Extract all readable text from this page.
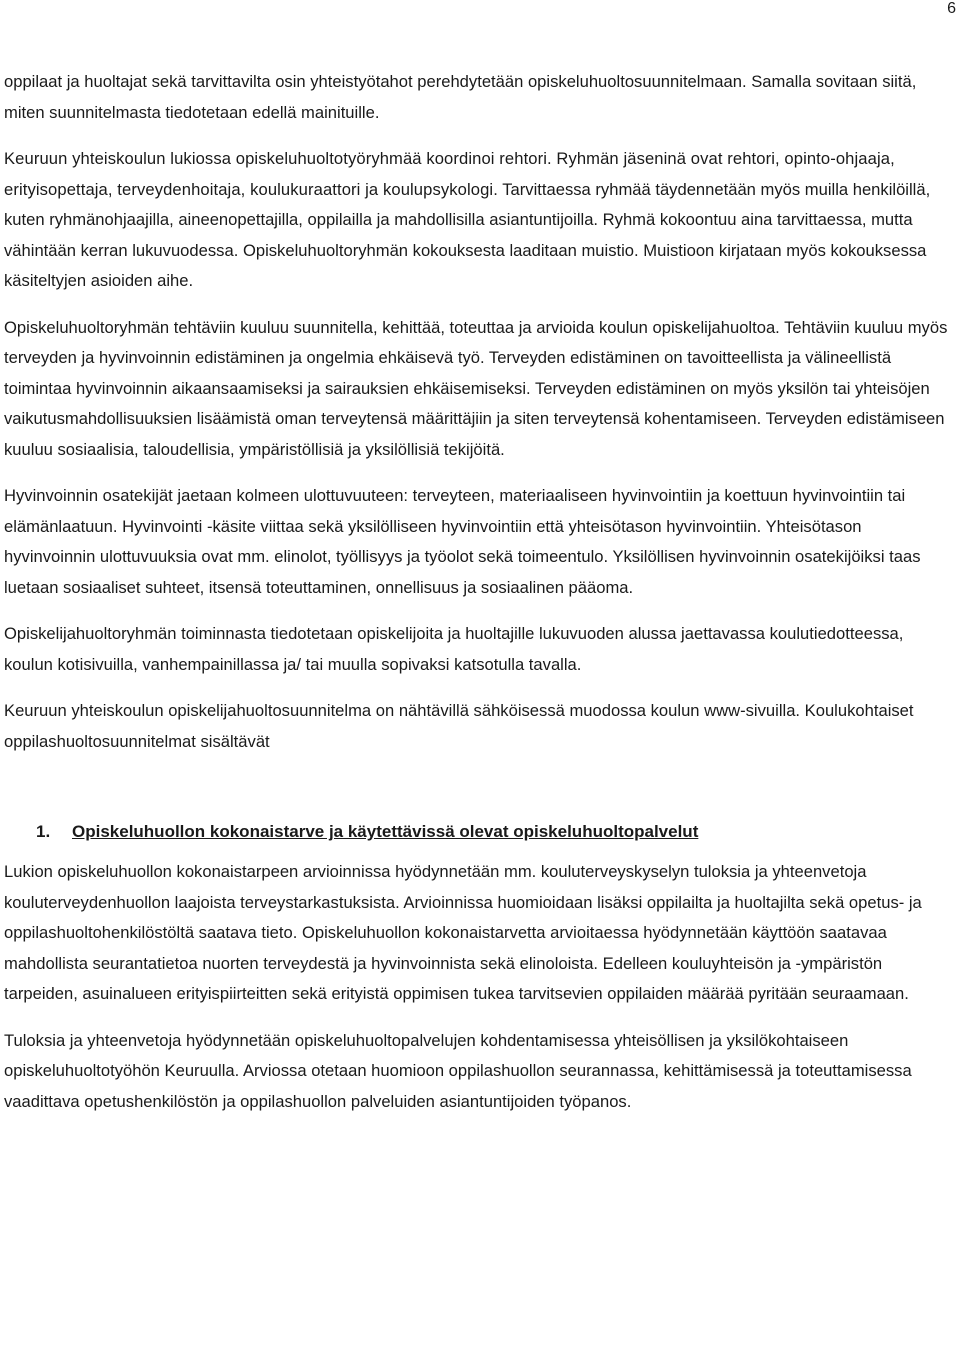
6

oppilaat ja huoltajat sekä tarvittavilta osin yhteistyötahot perehdytetään opiskeluhuoltosuunnitelmaan. Samalla sovitaan siitä, miten suunnitelmasta tiedotetaan edellä mainituille.

Keuruun yhteiskoulun lukiossa opiskeluhuoltotyöryhmää koordinoi rehtori. Ryhmän jäseninä ovat rehtori, opinto-ohjaaja, erityisopettaja, terveydenhoitaja, koulukuraattori ja koulupsykologi. Tarvittaessa ryhmää täydennetään myös muilla henkilöillä, kuten ryhmänohjaajilla, aineenopettajilla, oppilailla ja mahdollisilla asiantuntijoilla. Ryhmä kokoontuu aina tarvittaessa, mutta vähintään kerran lukuvuodessa. Opiskeluhuoltoryhmän kokouksesta laaditaan muistio. Muistioon kirjataan myös kokouksessa käsiteltyjen asioiden aihe.

Opiskeluhuoltoryhmän tehtäviin kuuluu suunnitella, kehittää, toteuttaa ja arvioida koulun opiskelijahuoltoa. Tehtäviin kuuluu myös terveyden ja hyvinvoinnin edistäminen ja ongelmia ehkäisevä työ. Terveyden edistäminen on tavoitteellista ja välineellistä toimintaa hyvinvoinnin aikaansaamiseksi ja sairauksien ehkäisemiseksi. Terveyden edistäminen on myös yksilön tai yhteisöjen vaikutusmahdollisuuksien lisäämistä oman terveytensä määrittäjiin ja siten terveytensä kohentamiseen. Terveyden edistämiseen kuuluu sosiaalisia, taloudellisia, ympäristöllisiä ja yksilöllisiä tekijöitä.

Hyvinvoinnin osatekijät jaetaan kolmeen ulottuvuuteen: terveyteen, materiaaliseen hyvinvointiin ja koettuun hyvinvointiin tai elämänlaatuun. Hyvinvointi -käsite viittaa sekä yksilölliseen hyvinvointiin että yhteisötason hyvinvointiin. Yhteisötason hyvinvoinnin ulottuvuuksia ovat mm. elinolot, työllisyys ja työolot sekä toimeentulo. Yksilöllisen hyvinvoinnin osatekijöiksi taas luetaan sosiaaliset suhteet, itsensä toteuttaminen, onnellisuus ja sosiaalinen pääoma.

Opiskelijahuoltoryhmän toiminnasta tiedotetaan opiskelijoita ja huoltajille lukuvuoden alussa jaettavassa koulutiedotteessa, koulun kotisivuilla, vanhempainillassa ja/ tai muulla sopivaksi katsotulla tavalla.

Keuruun yhteiskoulun opiskelijahuoltosuunnitelma on nähtävillä sähköisessä muodossa koulun www-sivuilla. Koulukohtaiset oppilashuoltosuunnitelmat sisältävät

1. Opiskeluhuollon kokonaistarve ja käytettävissä olevat opiskeluhuoltopalvelut

Lukion opiskeluhuollon kokonaistarpeen arvioinnissa hyödynnetään mm. kouluterveyskyselyn tuloksia ja yhteenvetoja kouluterveydenhuollon laajoista terveystarkastuksista. Arvioinnissa huomioidaan lisäksi oppilailta ja huoltajilta sekä opetus- ja oppilashuoltohenkilöstöltä saatava tieto. Opiskeluhuollon kokonaistarvetta arvioitaessa hyödynnetään käyttöön saatavaa mahdollista seurantatietoa nuorten terveydestä ja hyvinvoinnista sekä elinoloista. Edelleen kouluyhteisön ja -ympäristön tarpeiden, asuinalueen erityispiirteitten sekä erityistä oppimisen tukea tarvitsevien oppilaiden määrää pyritään seuraamaan.

Tuloksia ja yhteenvetoja hyödynnetään opiskeluhuoltopalvelujen kohdentamisessa yhteisöllisen ja yksilökohtaiseen opiskeluhuoltotyöhön Keuruulla. Arviossa otetaan huomioon oppilashuollon seurannassa, kehittämisessä ja toteuttamisessa vaadittava opetushenkilöstön ja oppilashuollon palveluiden asiantuntijoiden työpanos.
